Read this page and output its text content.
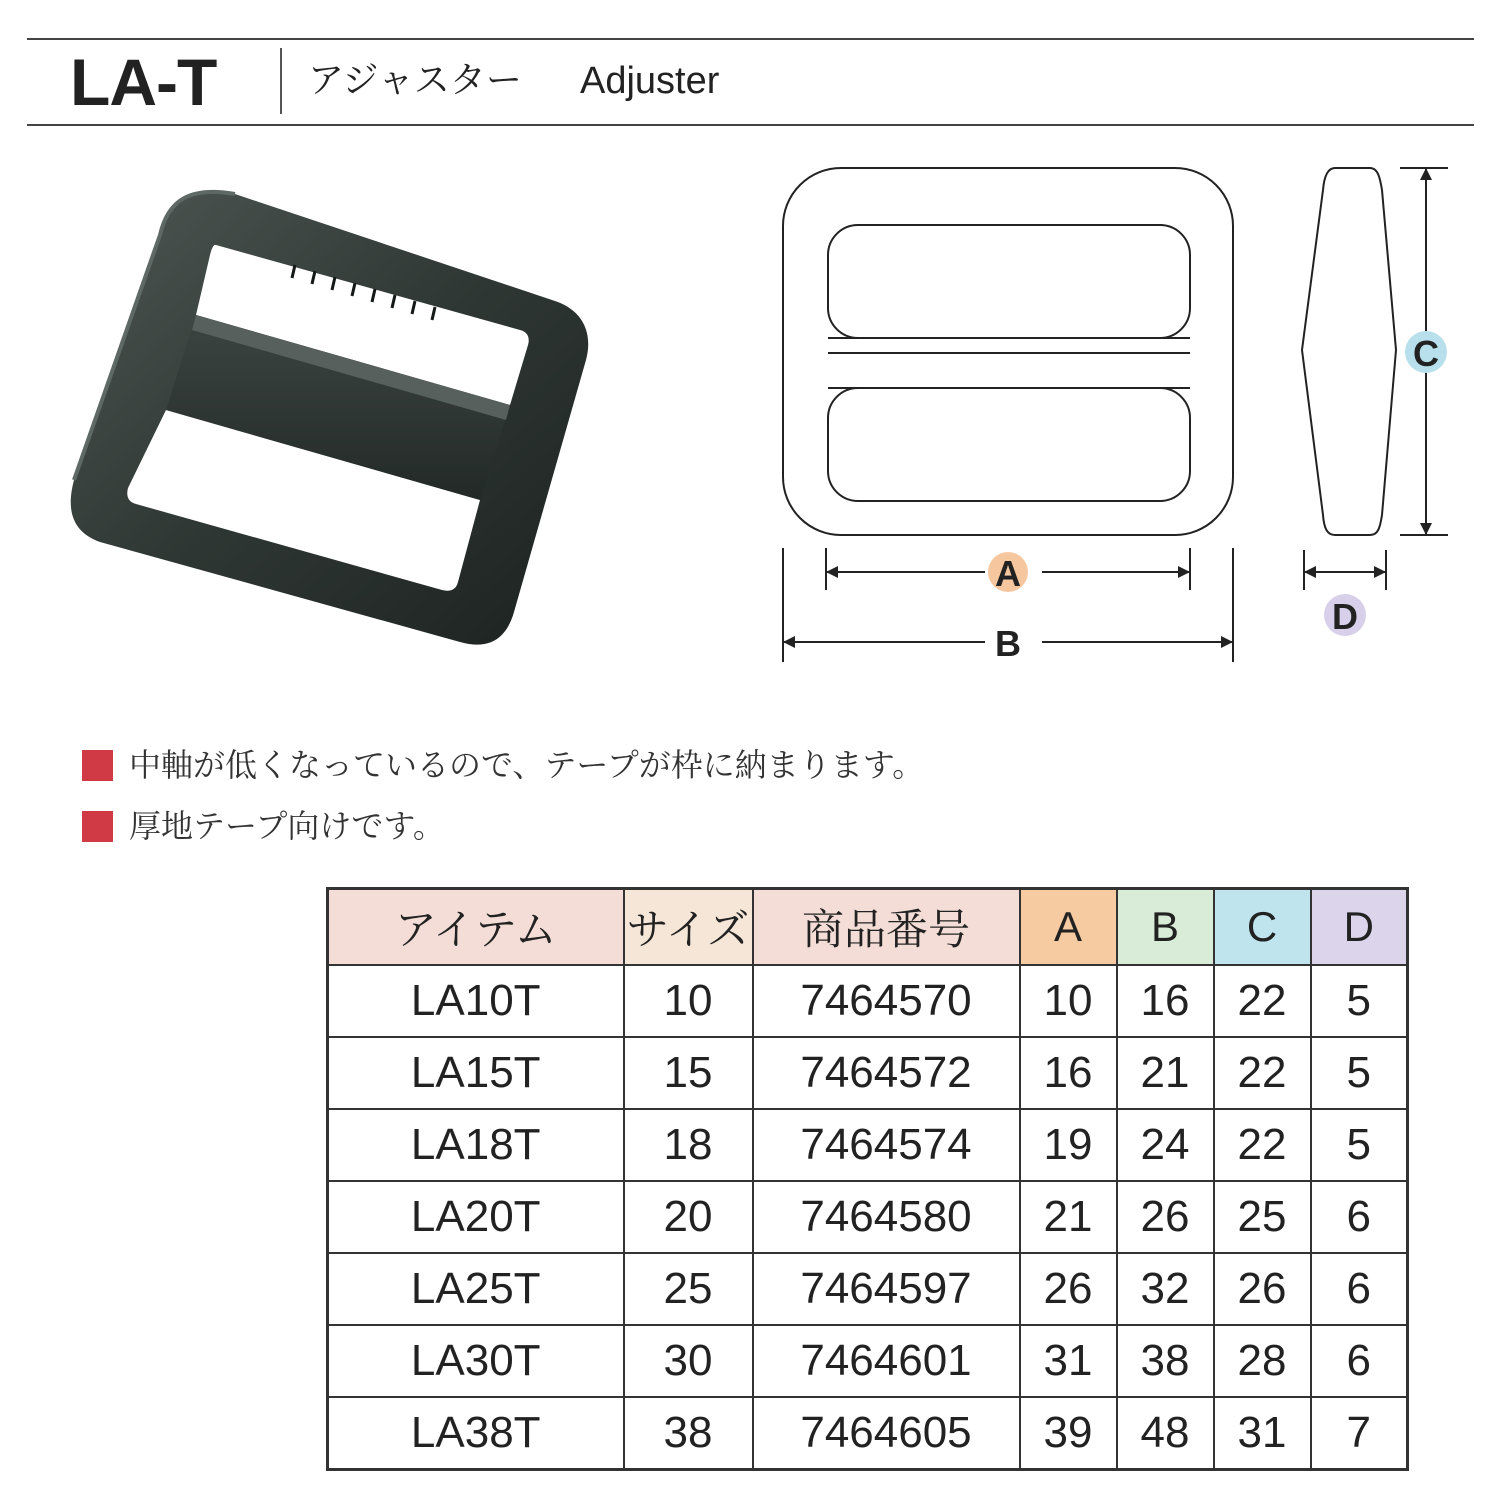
LA-T	アジャスター Adjuster
A
B
C
D
中軸が低くなっているので、テープが枠に納まります。
厚地テープ向けです。
アイテム	サイズ	商品番号	A	B	C	D
LA10T	10	7464570	10	16	22	5
LA15T	15	7464572	16	21	22	5
LA18T	18	7464574	19	24	22	5
LA20T	20	7464580	21	26	25	6
LA25T	25	7464597	26	32	26	6
LA30T	30	7464601	31	38	28	6
LA38T	38	7464605	39	48	31	7
